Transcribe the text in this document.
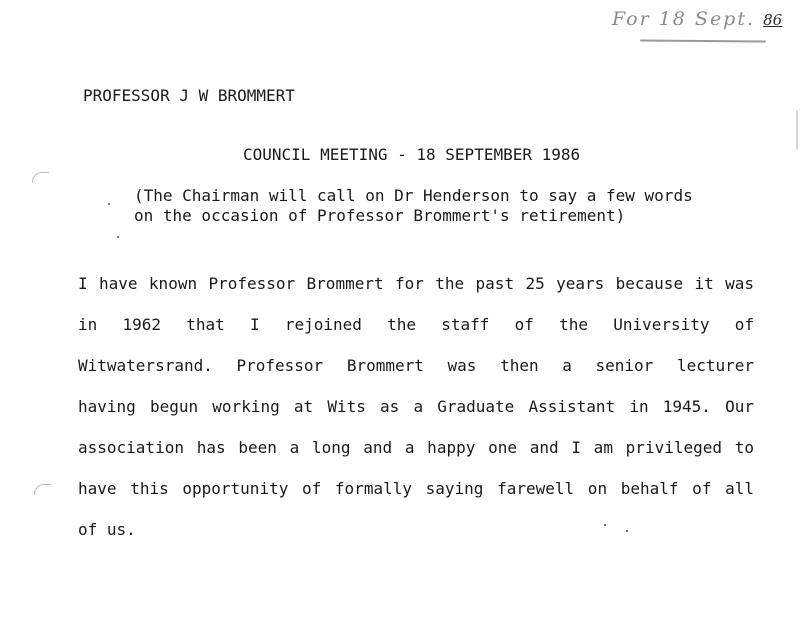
For 18 Sept. 86
PROFESSOR J W BROMMERT
COUNCIL MEETING - 18 SEPTEMBER 1986
(The Chairman will call on Dr Henderson to say a few words
on the occasion of Professor Brommert's retirement)
I have known Professor Brommert for the past 25 years because it was
in 1962 that I rejoined the staff of the University of
Witwatersrand. Professor Brommert was then a senior lecturer
having begun working at Wits as a Graduate Assistant in 1945. Our
association has been a long and a happy one and I am privileged to
have this opportunity of formally saying farewell on behalf of all
of us.
